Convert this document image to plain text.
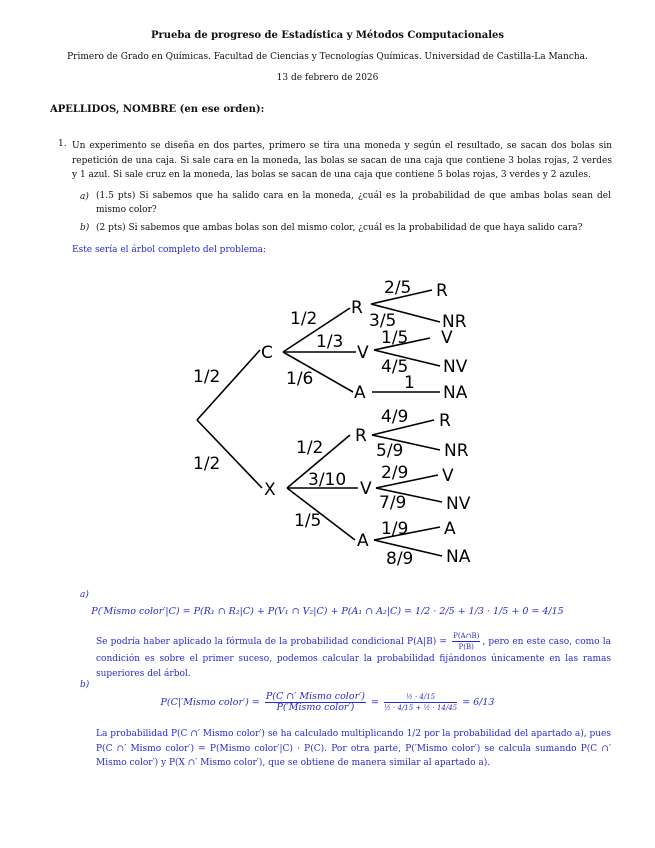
Prueba de progreso de Estadística y Métodos Computacionales
Primero de Grado en Químicas. Facultad de Ciencias y Tecnologías Químicas. Universidad de Castilla-La Mancha.
13 de febrero de 2026
APELLIDOS, NOMBRE (en ese orden):
1. Un experimento se diseña en dos partes, primero se tira una moneda y según el resultado, se sacan dos bolas sin repetición de una caja. Si sale cara en la moneda, las bolas se sacan de una caja que contiene 3 bolas rojas, 2 verdes y 1 azul. Si sale cruz en la moneda, las bolas se sacan de una caja que contiene 5 bolas rojas, 3 verdes y 2 azules.
a) (1.5 pts) Si sabemos que ha salido cara en la moneda, ¿cuál es la probabilidad de que ambas bolas sean del mismo color?
b) (2 pts) Si sabemos que ambas bolas son del mismo color, ¿cuál es la probabilidad de que haya salido cara?
Este sería el árbol completo del problema:
1/2
1/2
C
X
1/2
1/3
1/6
R
V
A
2/5
3/5
1/5
4/5
1
R
NR
V
NV
NA
1/2
3/10
1/5
R
V
A
4/9
5/9
2/9
7/9
1/9
8/9
R
NR
V
NV
A
NA
a)
P(′Mismo color′|C) = P(R₁ ∩ R₂|C) + P(V₁ ∩ V₂|C) + P(A₁ ∩ A₂|C) = 1/2 · 2/5 + 1/3 · 1/5 + 0 = 4/15
Se podría haber aplicado la fórmula de la probabilidad condicional $P(A|B) = \frac{P(A\cap B)}{P(B)}$ , pero en este caso, como la condición es sobre el primer suceso, podemos calcular la probabilidad fijándonos únicamente en las ramas superiores del árbol.
b)
P(C|′Mismo color′) = $\frac{\text{P(C ∩′ Mismo color′)}}{\text{P(′Mismo color′)}} = \frac{\text{½ · 4/15}}{\text{½ · 4/15 + ½ · 14/45}} = 6/13$
La probabilidad P(C ∩′ Mismo color′) se ha calculado multiplicando 1/2 por la probabilidad del apartado a), pues P(C ∩′ Mismo color′) = P(Mismo color′|C) · P(C). Por otra parte, P(′Mismo color′) se calcula sumando P(C ∩′ Mismo color′) y P(X ∩′ Mismo color′), que se obtiene de manera similar al apartado a).
